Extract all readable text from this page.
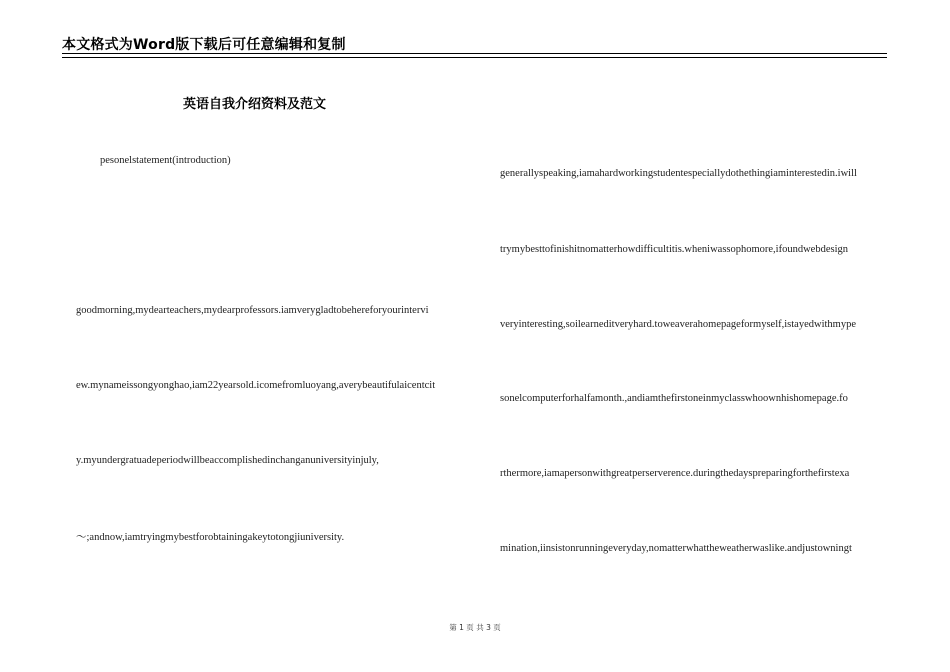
本文格式为Word版下载后可任意编辑和复制
英语自我介绍资料及范文
pesonelstatement(introduction)
goodmorning,mydearteachers,mydearprofessors.iamverygladtobehereforyourintervi
ew.mynameissongyonghao,iam22yearsold.icomefromluoyang,averybeautifulaicentcit
y.myundergratuadeperiodwillbeaccomplishedinchanganuniversityinjuly,
～;andnow,iamtryingmybestforobtainingakeytotongjiuniversity.
generallyspeaking,iamahardworkingstudentespeciallydothethingiaminterestedin.iwill
trymybesttofinishitnomatterhowdifficultitis.wheniwassophomore,ifoundwebdesign
veryinteresting,soilearneditveryhard.toweaverahomepageformyself,istayedwithmype
sonelcomputerforhalfamonth.,andiamthefirstoneinmyclasswhoownhishomepage.fo
rthermore,iamapersonwithgreatperserverence.duringthedayspreparingforthefirstexa
mination,iinsistonrunningeveryday,nomatterwhattheweatherwaslike.andjustowningt
第 1 页 共 3 页
